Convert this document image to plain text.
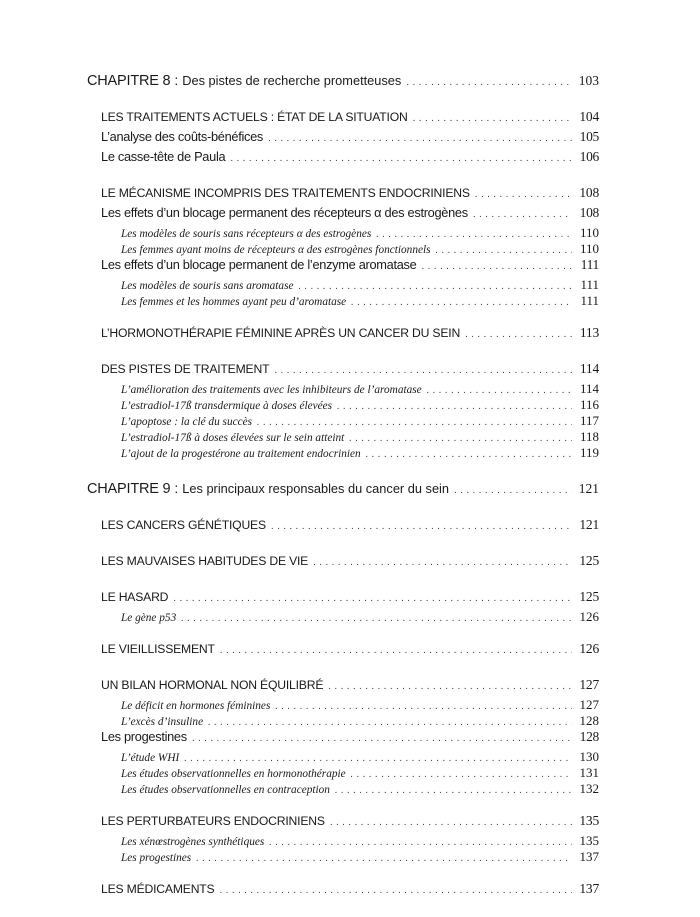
CHAPITRE 8 : Des pistes de recherche prometteuses . . .	103
LES TRAITEMENTS ACTUELS : ÉTAT DE LA SITUATION . . .	104
L’analyse des coûts-bénéfices . . .	105
Le casse-tête de Paula . . .	106
LE MÉCANISME INCOMPRIS DES TRAITEMENTS ENDOCRINIENS . . .	108
Les effets d’un blocage permanent des récepteurs α des estrogènes . . .	108
Les modèles de souris sans récepteurs α des estrogènes . . .	110
Les femmes ayant moins de récepteurs α des estrogènes fonctionnels . . .	110
Les effets d’un blocage permanent de l’enzyme aromatase . . .	111
Les modèles de souris sans aromatase . . .	111
Les femmes et les hommes ayant peu d’aromatase . . .	111
L’HORMONOTHÉRAPIE FÉMININE APRÈS UN CANCER DU SEIN . . .	113
DES PISTES DE TRAITEMENT . . .	114
L’amélioration des traitements avec les inhibiteurs de l’aromatase . . .	114
L’estradiol-17ß transdermique à doses élevées . . .	116
L’apoptose : la clé du succès . . .	117
L’estradiol-17ß à doses élevées sur le sein atteint . . .	118
L’ajout de la progestérone au traitement endocrinien . . .	119
CHAPITRE 9 : Les principaux responsables du cancer du sein . . .	121
LES CANCERS GÉNÉTIQUES . . .	121
LES MAUVAISES HABITUDES DE VIE . . .	125
LE HASARD . . .	125
Le gène p53 . . .	126
LE VIEILLISSEMENT . . .	126
UN BILAN HORMONAL NON ÉQUILIBRÉ . . .	127
Le déficit en hormones féminines . . .	127
L’excès d’insuline . . .	128
Les progestines . . .	128
L’étude WHI . . .	130
Les études observationnelles en hormonothérapie . . .	131
Les études observationnelles en contraception . . .	132
LES PERTURBATEURS ENDOCRINIENS . . .	135
Les xénœstrogènes synthétiques . . .	135
Les progestines . . .	137
LES MÉDICAMENTS . . .	137
